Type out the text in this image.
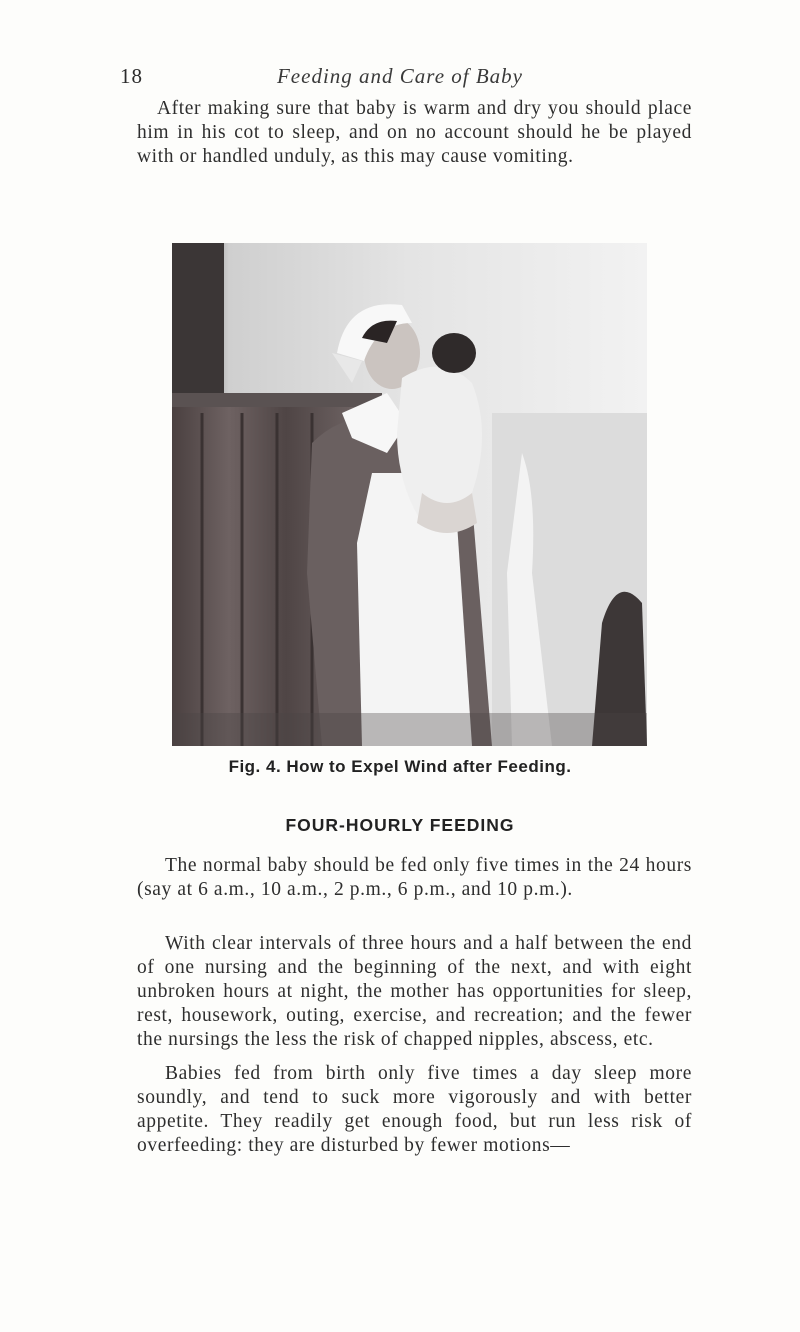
18	Feeding and Care of Baby

After making sure that baby is warm and dry you should place him in his cot to sleep, and on no account should he be played with or handled unduly, as this may cause vomiting.

Fig. 4. How to Expel Wind after Feeding.
FOUR-HOURLY FEEDING

The normal baby should be fed only five times in the 24 hours (say at 6 a.m., 10 a.m., 2 p.m., 6 p.m., and 10 p.m.).

With clear intervals of three hours and a half between the end of one nursing and the beginning of the next, and with eight unbroken hours at night, the mother has opportunities for sleep, rest, housework, outing, exercise, and recreation; and the fewer the nursings the less the risk of chapped nipples, abscess, etc.

Babies fed from birth only five times a day sleep more soundly, and tend to suck more vigorously and with better appetite. They readily get enough food, but run less risk of overfeeding: they are disturbed by fewer motions—
